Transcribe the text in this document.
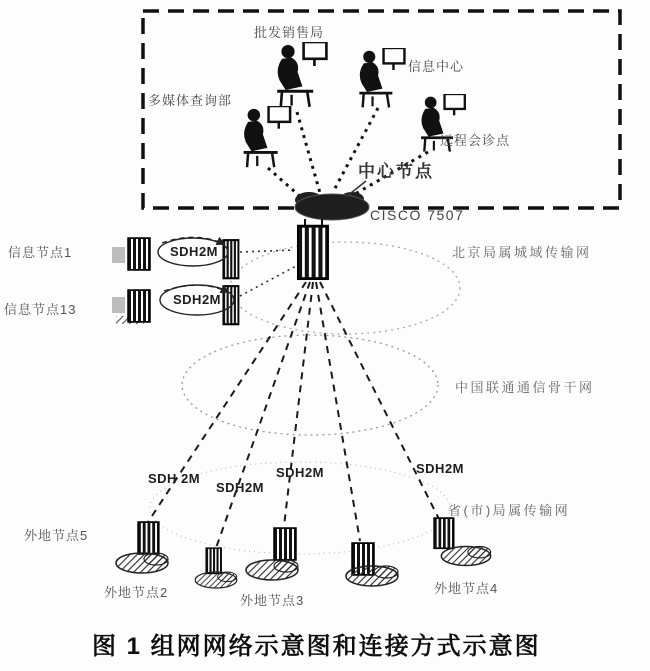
批发销售局
信息中心
多媒体查询部
远程会诊点
中心节点
CISCO 7507
信息节点1	SDH2M
信息节点13
SDH2M
北京局属城域传输网
中国联通通信骨干网
省(市)局属传输网
SDH 2M
SDH2M
SDH2M	SDH2M
外地节点5
外地节点2
外地节点3
外地节点4
图 1 组网网络示意图和连接方式示意图
